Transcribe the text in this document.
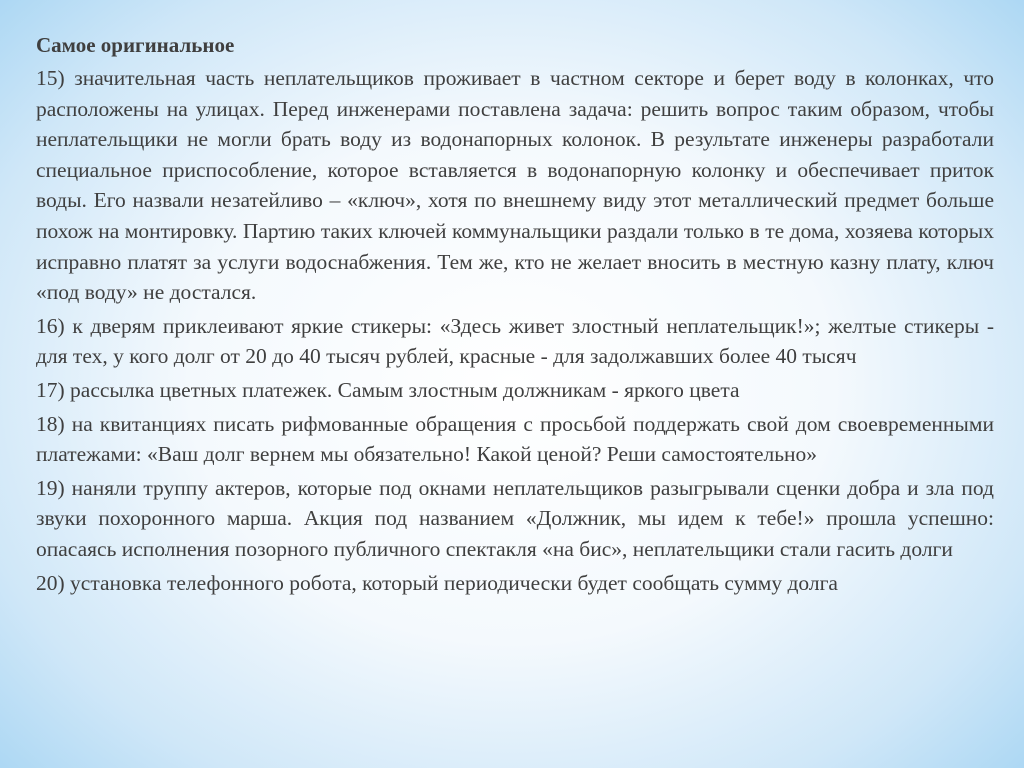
Самое оригинальное

15) значительная часть неплательщиков проживает в частном секторе и берет воду в колонках, что расположены на улицах. Перед инженерами поставлена задача: решить вопрос таким образом, чтобы неплательщики не могли брать воду из водонапорных колонок. В результате инженеры разработали специальное приспособление, которое вставляется в водонапорную колонку и обеспечивает приток воды. Его назвали незатейливо – «ключ», хотя по внешнему виду этот металлический предмет больше похож на монтировку. Партию таких ключей коммунальщики раздали только в те дома, хозяева которых исправно платят за услуги водоснабжения. Тем же, кто не желает вносить в местную казну плату, ключ «под воду» не достался.

16) к дверям приклеивают яркие стикеры: «Здесь живет злостный неплательщик!»; желтые стикеры - для тех, у кого долг от 20 до 40 тысяч рублей, красные - для задолжавших более 40 тысяч

17) рассылка цветных платежек. Самым злостным должникам - яркого цвета

18) на квитанциях писать рифмованные обращения с просьбой поддержать свой дом своевременными платежами: «Ваш долг вернем мы обязательно! Какой ценой? Реши самостоятельно»

19) наняли труппу актеров, которые под окнами неплательщиков разыгрывали сценки добра и зла под звуки похоронного марша. Акция под названием «Должник, мы идем к тебе!» прошла успешно: опасаясь исполнения позорного публичного спектакля «на бис», неплательщики стали гасить долги

20) установка телефонного робота, который периодически будет сообщать сумму долга
